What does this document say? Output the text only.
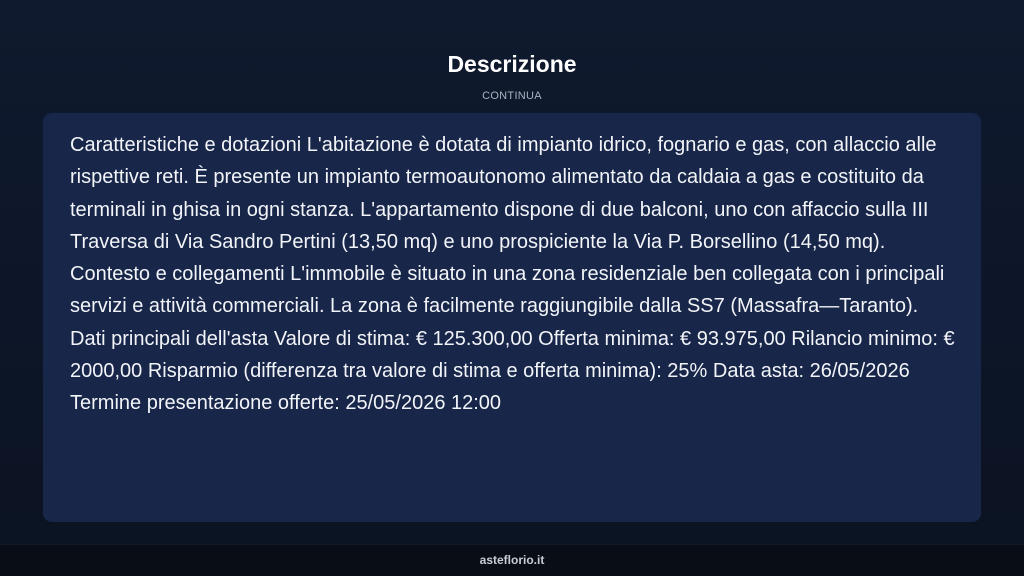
Descrizione
CONTINUA

Caratteristiche e dotazioni L'abitazione è dotata di impianto idrico, fognario e gas, con allaccio alle rispettive reti. È presente un impianto termoautonomo alimentato da caldaia a gas e costituito da terminali in ghisa in ogni stanza. L'appartamento dispone di due balconi, uno con affaccio sulla III Traversa di Via Sandro Pertini (13,50 mq) e uno prospiciente la Via P. Borsellino (14,50 mq). Contesto e collegamenti L'immobile è situato in una zona residenziale ben collegata con i principali servizi e attività commerciali. La zona è facilmente raggiungibile dalla SS7 (Massafra—Taranto). Dati principali dell'asta Valore di stima: € 125.300,00 Offerta minima: € 93.975,00 Rilancio minimo: € 2000,00 Risparmio (differenza tra valore di stima e offerta minima): 25% Data asta: 26/05/2026 Termine presentazione offerte: 25/05/2026 12:00

asteflorio.it
